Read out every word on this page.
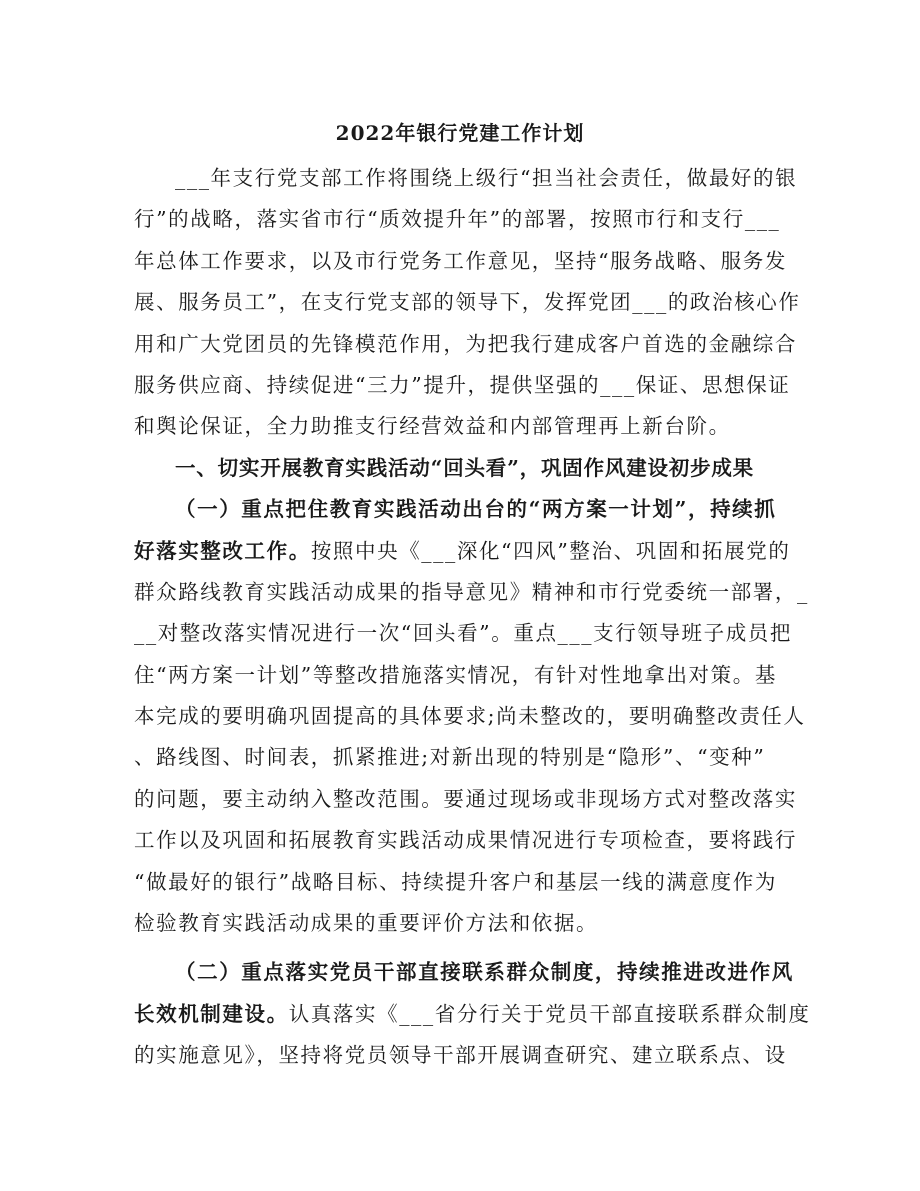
2022年银行党建工作计划
___年支行党支部工作将围绕上级行“担当社会责任，做最好的银
行”的战略，落实省市行“质效提升年”的部署，按照市行和支行___
年总体工作要求，以及市行党务工作意见，坚持“服务战略、服务发
展、服务员工”，在支行党支部的领导下，发挥党团___的政治核心作
用和广大党团员的先锋模范作用，为把我行建成客户首选的金融综合
服务供应商、持续促进“三力”提升，提供坚强的___保证、思想保证
和舆论保证，全力助推支行经营效益和内部管理再上新台阶。
一、切实开展教育实践活动“回头看”，巩固作风建设初步成果
（一）重点把住教育实践活动出台的“两方案一计划”，持续抓
好落实整改工作。按照中央《___深化“四风”整治、巩固和拓展党的
群众路线教育实践活动成果的指导意见》精神和市行党委统一部署，_
__对整改落实情况进行一次“回头看”。重点___支行领导班子成员把
住“两方案一计划”等整改措施落实情况，有针对性地拿出对策。基
本完成的要明确巩固提高的具体要求;尚未整改的，要明确整改责任人
、路线图、时间表，抓紧推进;对新出现的特别是“隐形”、“变种”
的问题，要主动纳入整改范围。要通过现场或非现场方式对整改落实
工作以及巩固和拓展教育实践活动成果情况进行专项检查，要将践行
“做最好的银行”战略目标、持续提升客户和基层一线的满意度作为
检验教育实践活动成果的重要评价方法和依据。
（二）重点落实党员干部直接联系群众制度，持续推进改进作风
长效机制建设。认真落实《___省分行关于党员干部直接联系群众制度
的实施意见》，坚持将党员领导干部开展调查研究、建立联系点、设
